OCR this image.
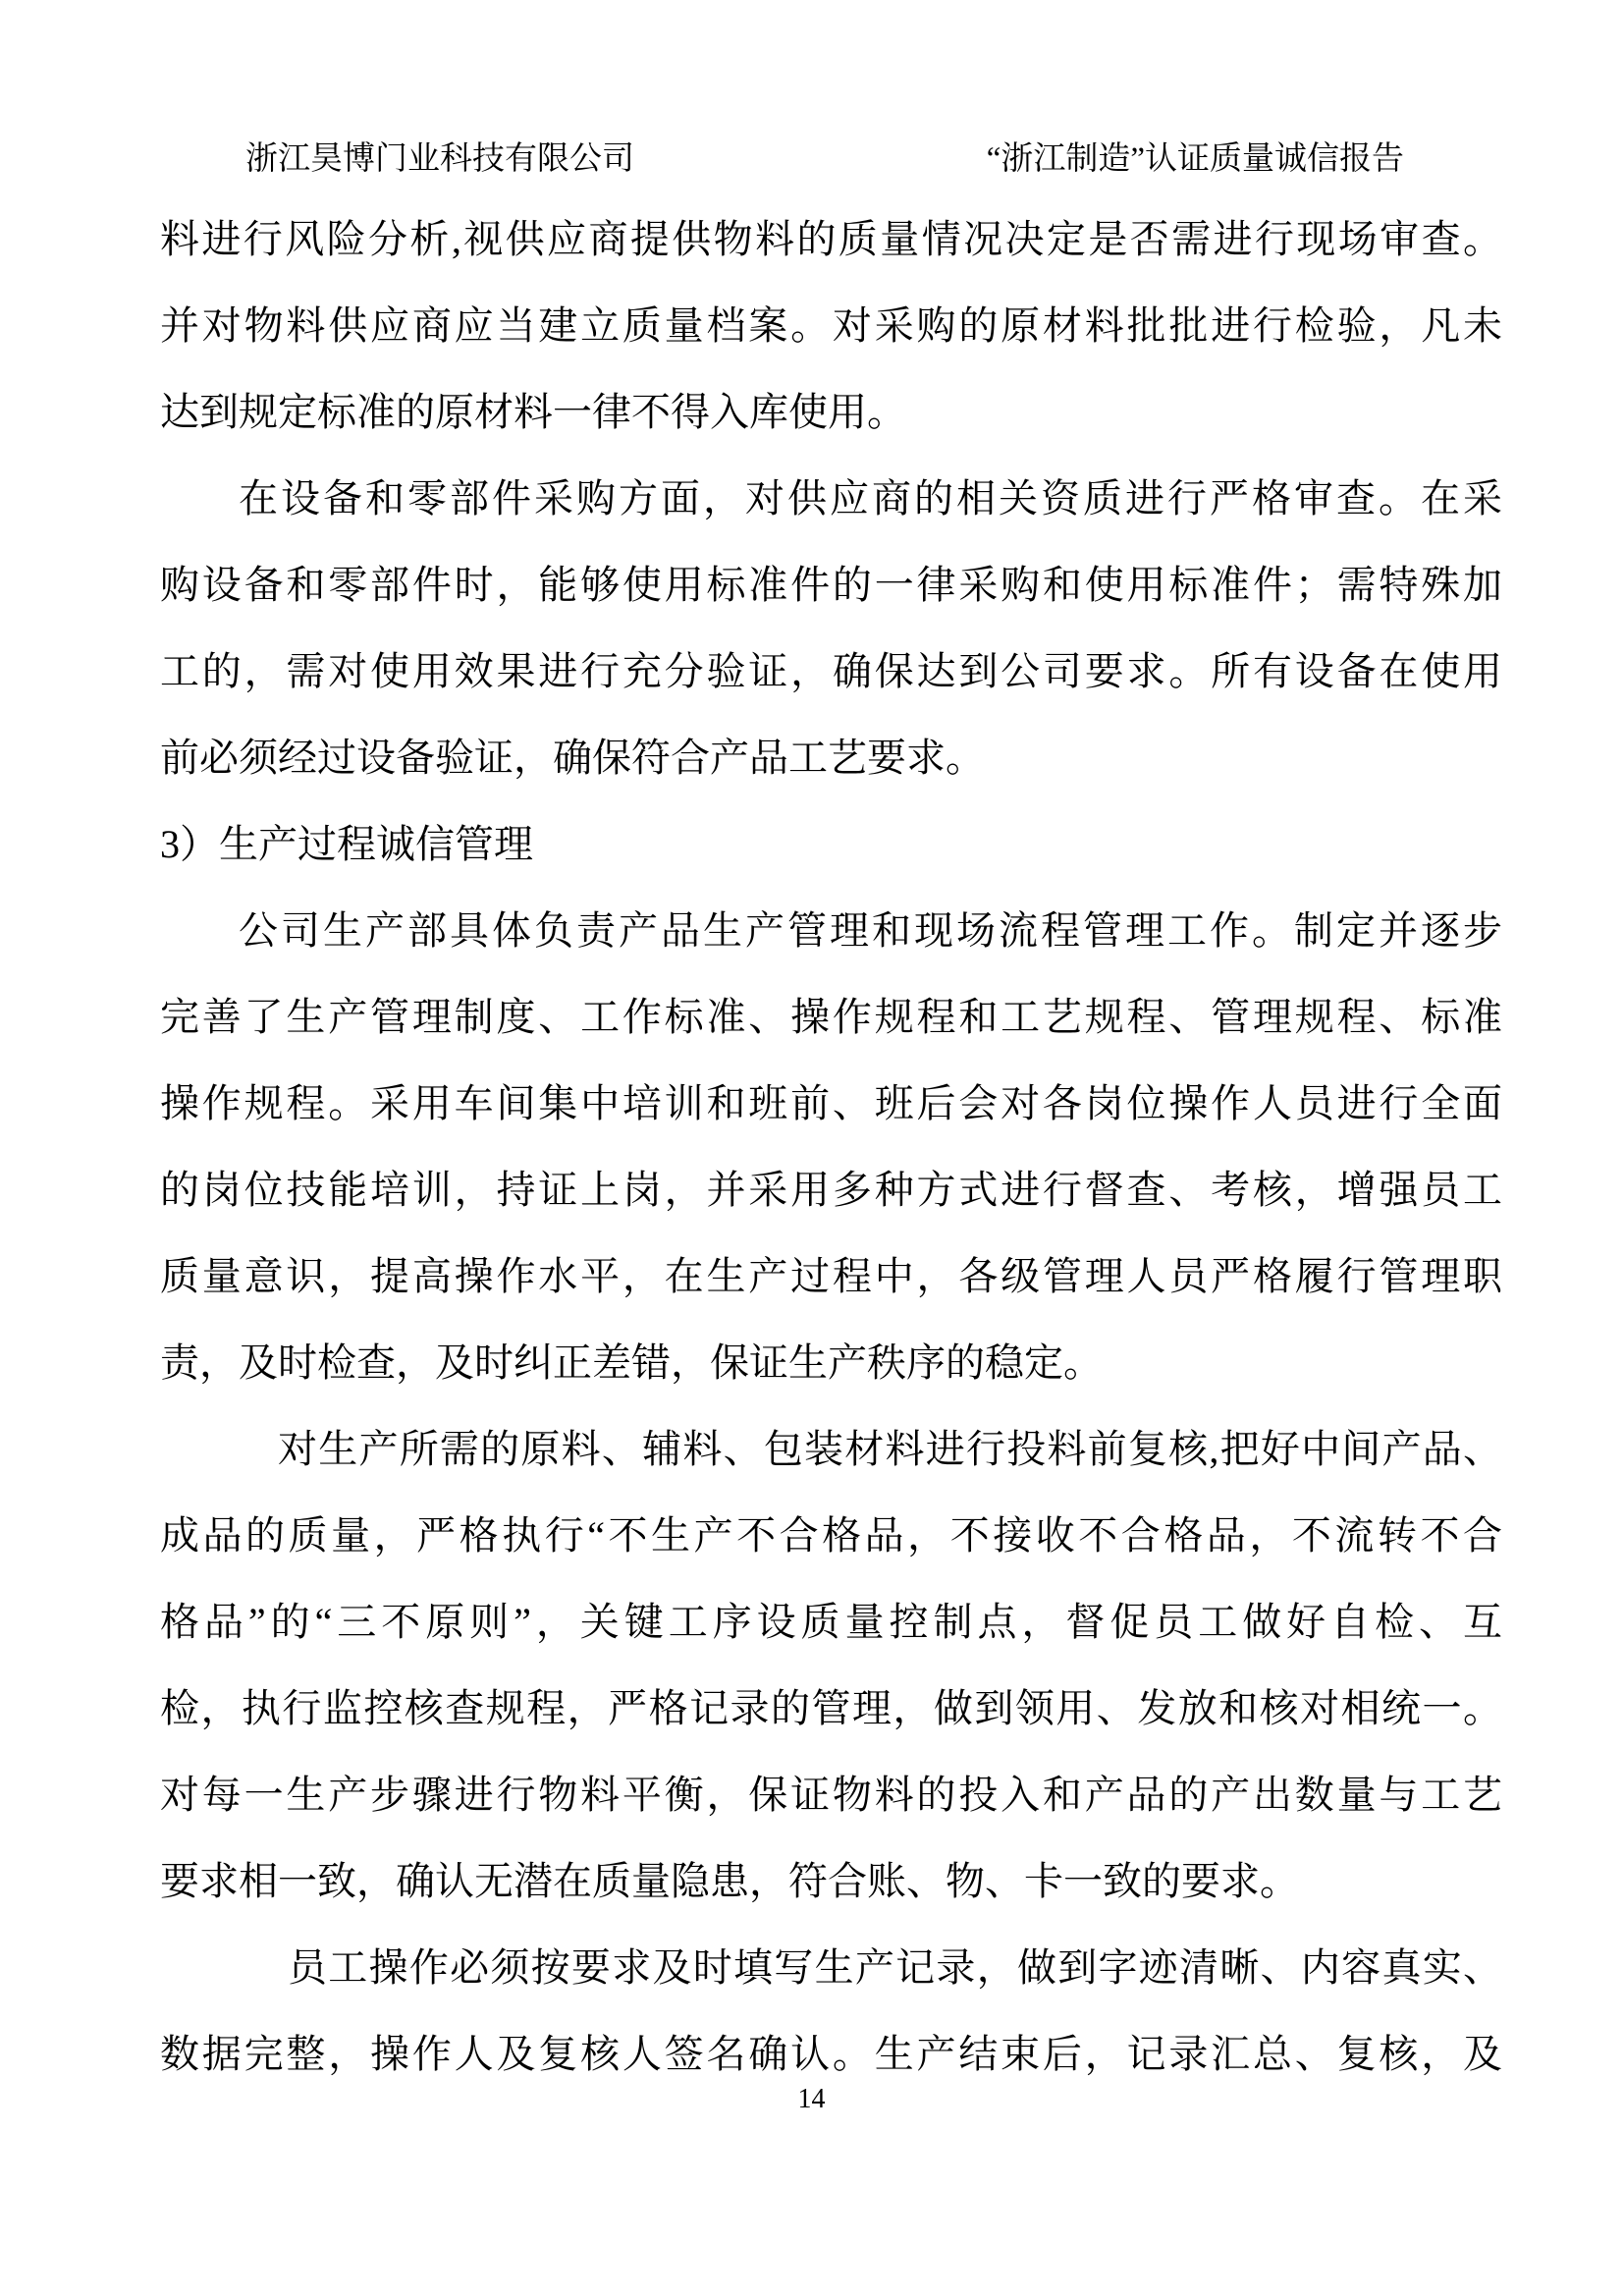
浙江昊博门业科技有限公司	“浙江制造”认证质量诚信报告

料进行风险分析,视供应商提供物料的质量情况决定是否需进行现场审查。

并对物料供应商应当建立质量档案。对采购的原材料批批进行检验，凡未

达到规定标准的原材料一律不得入库使用。

在设备和零部件采购方面，对供应商的相关资质进行严格审查。在采

购设备和零部件时，能够使用标准件的一律采购和使用标准件；需特殊加

工的，需对使用效果进行充分验证，确保达到公司要求。所有设备在使用

前必须经过设备验证，确保符合产品工艺要求。

3）生产过程诚信管理

公司生产部具体负责产品生产管理和现场流程管理工作。制定并逐步

完善了生产管理制度、工作标准、操作规程和工艺规程、管理规程、标准

操作规程。采用车间集中培训和班前、班后会对各岗位操作人员进行全面

的岗位技能培训，持证上岗，并采用多种方式进行督查、考核，增强员工

质量意识，提高操作水平，在生产过程中，各级管理人员严格履行管理职

责，及时检查，及时纠正差错，保证生产秩序的稳定。

对生产所需的原料、辅料、包装材料进行投料前复核,把好中间产品、

成品的质量，严格执行“不生产不合格品，不接收不合格品，不流转不合

格品”的“三不原则”，关键工序设质量控制点，督促员工做好自检、互

检，执行监控核查规程，严格记录的管理，做到领用、发放和核对相统一。

对每一生产步骤进行物料平衡，保证物料的投入和产品的产出数量与工艺

要求相一致，确认无潜在质量隐患，符合账、物、卡一致的要求。

员工操作必须按要求及时填写生产记录，做到字迹清晰、内容真实、

数据完整，操作人及复核人签名确认。生产结束后，记录汇总、复核，及

14
